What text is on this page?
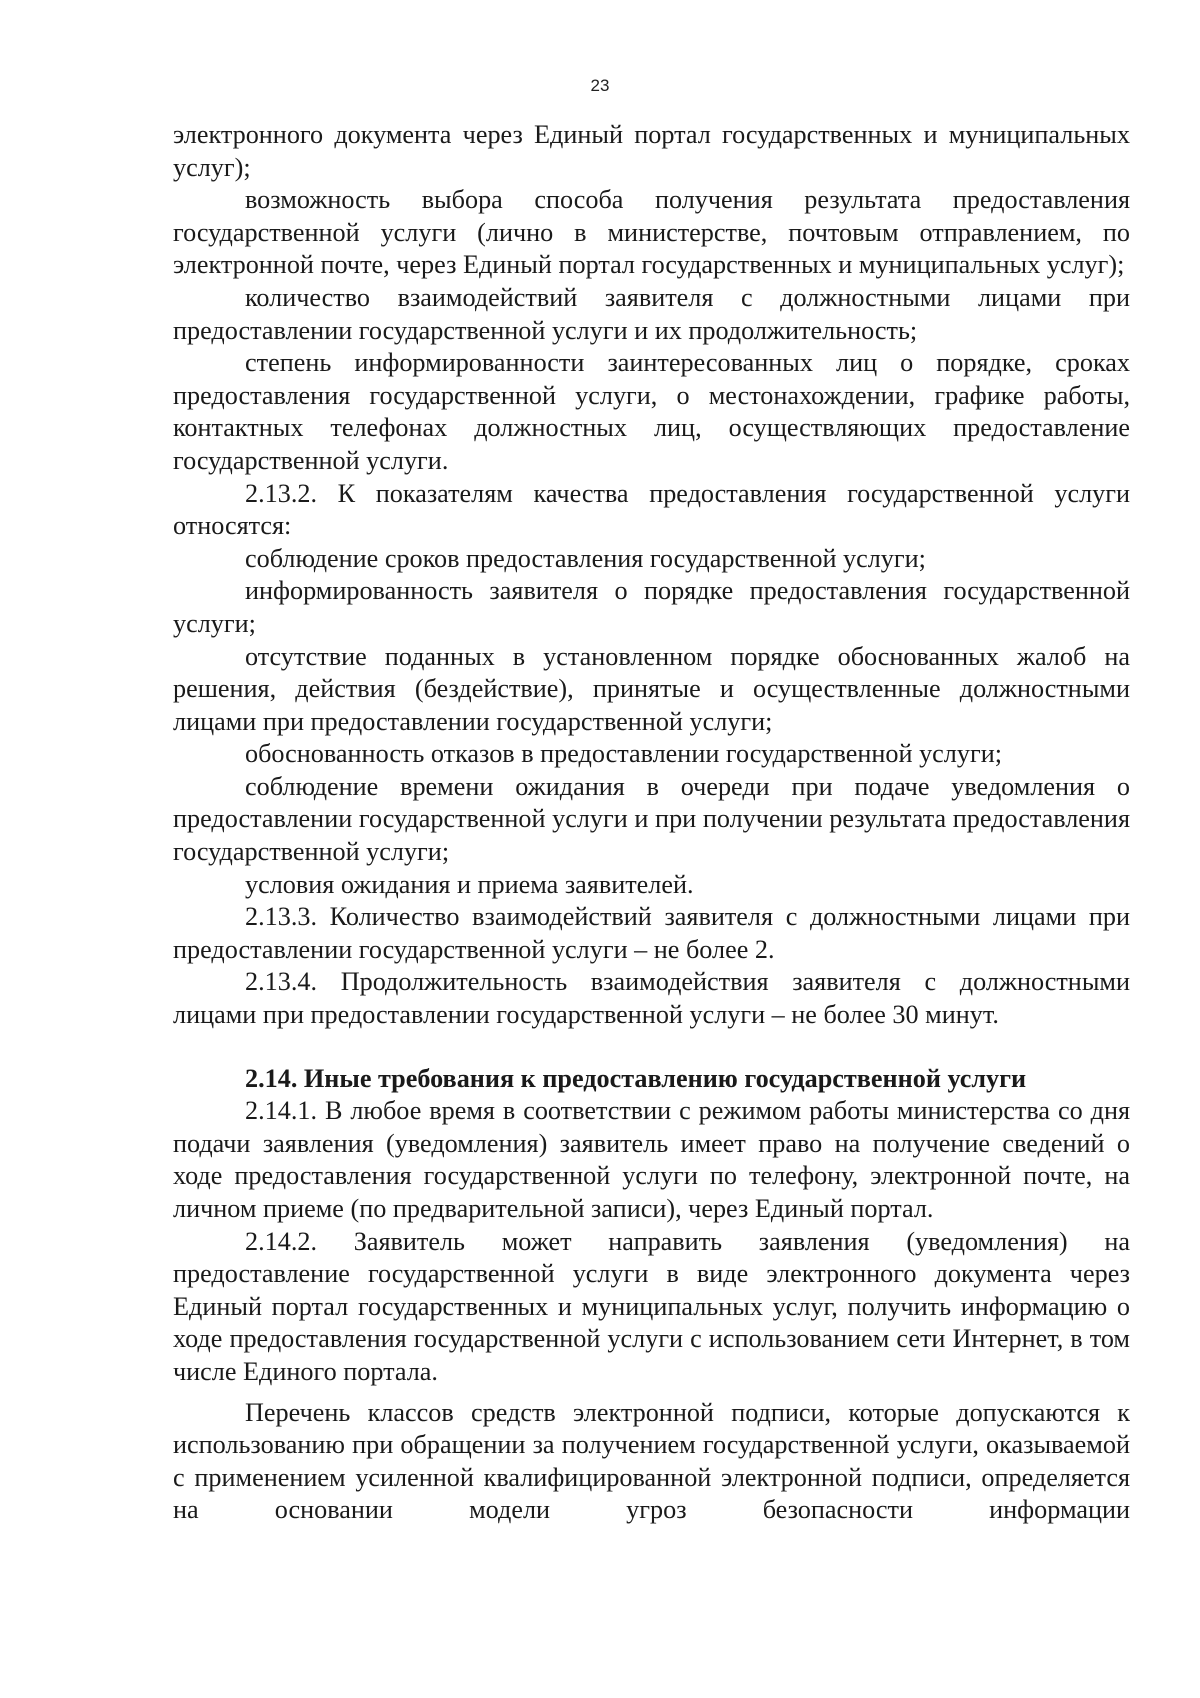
23

электронного документа через Единый портал государственных и муниципальных услуг);

возможность выбора способа получения результата предоставления государственной услуги (лично в министерстве, почтовым отправлением, по электронной почте, через Единый портал государственных и муниципальных услуг);

количество взаимодействий заявителя с должностными лицами при предоставлении государственной услуги и их продолжительность;

степень информированности заинтересованных лиц о порядке, сроках предоставления государственной услуги, о местонахождении, графике работы, контактных телефонах должностных лиц, осуществляющих предоставление государственной услуги.

2.13.2. К показателям качества предоставления государственной услуги относятся:

соблюдение сроков предоставления государственной услуги;

информированность заявителя о порядке предоставления государственной услуги;

отсутствие поданных в установленном порядке обоснованных жалоб на решения, действия (бездействие), принятые и осуществленные должностными лицами при предоставлении государственной услуги;

обоснованность отказов в предоставлении государственной услуги;

соблюдение времени ожидания в очереди при подаче уведомления о предоставлении государственной услуги и при получении результата предоставления государственной услуги;

условия ожидания и приема заявителей.

2.13.3. Количество взаимодействий заявителя с должностными лицами при предоставлении государственной услуги – не более 2.

2.13.4. Продолжительность взаимодействия заявителя с должностными лицами при предоставлении государственной услуги – не более 30 минут.

2.14. Иные требования к предоставлению государственной услуги

2.14.1. В любое время в соответствии с режимом работы министерства со дня подачи заявления (уведомления) заявитель имеет право на получение сведений о ходе предоставления государственной услуги по телефону, электронной почте, на личном приеме (по предварительной записи), через Единый портал.

2.14.2. Заявитель может направить заявления (уведомления) на предоставление государственной услуги в виде электронного документа через Единый портал государственных и муниципальных услуг, получить информацию о ходе предоставления государственной услуги с использованием сети Интернет, в том числе Единого портала.

Перечень классов средств электронной подписи, которые допускаются к использованию при обращении за получением государственной услуги, оказываемой с применением усиленной квалифицированной электронной подписи, определяется на основании модели угроз безопасности информации
